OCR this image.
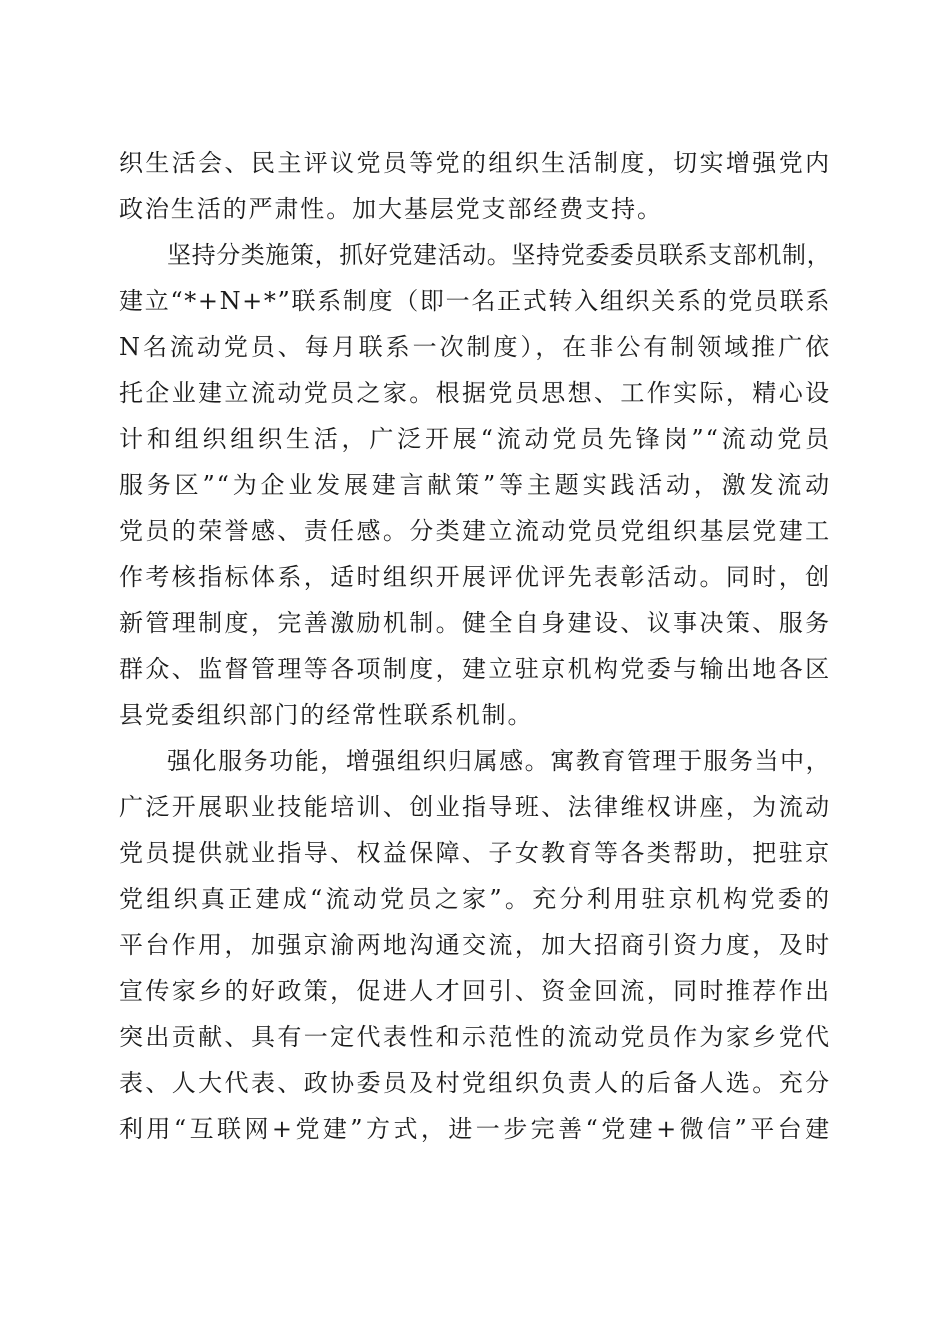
织生活会、民主评议党员等党的组织生活制度，切实增强党内
政治生活的严肃性。加大基层党支部经费支持。
坚持分类施策，抓好党建活动。坚持党委委员联系支部机制，
建立“*+N+*”联系制度（即一名正式转入组织关系的党员联系
N名流动党员、每月联系一次制度），在非公有制领域推广依
托企业建立流动党员之家。根据党员思想、工作实际，精心设
计和组织组织生活，广泛开展“流动党员先锋岗”“流动党员
服务区”“为企业发展建言献策”等主题实践活动，激发流动
党员的荣誉感、责任感。分类建立流动党员党组织基层党建工
作考核指标体系，适时组织开展评优评先表彰活动。同时，创
新管理制度，完善激励机制。健全自身建设、议事决策、服务
群众、监督管理等各项制度，建立驻京机构党委与输出地各区
县党委组织部门的经常性联系机制。
强化服务功能，增强组织归属感。寓教育管理于服务当中，
广泛开展职业技能培训、创业指导班、法律维权讲座，为流动
党员提供就业指导、权益保障、子女教育等各类帮助，把驻京
党组织真正建成“流动党员之家”。充分利用驻京机构党委的
平台作用，加强京渝两地沟通交流，加大招商引资力度，及时
宣传家乡的好政策，促进人才回引、资金回流，同时推荐作出
突出贡献、具有一定代表性和示范性的流动党员作为家乡党代
表、人大代表、政协委员及村党组织负责人的后备人选。充分
利用“互联网+党建”方式，进一步完善“党建+微信”平台建
